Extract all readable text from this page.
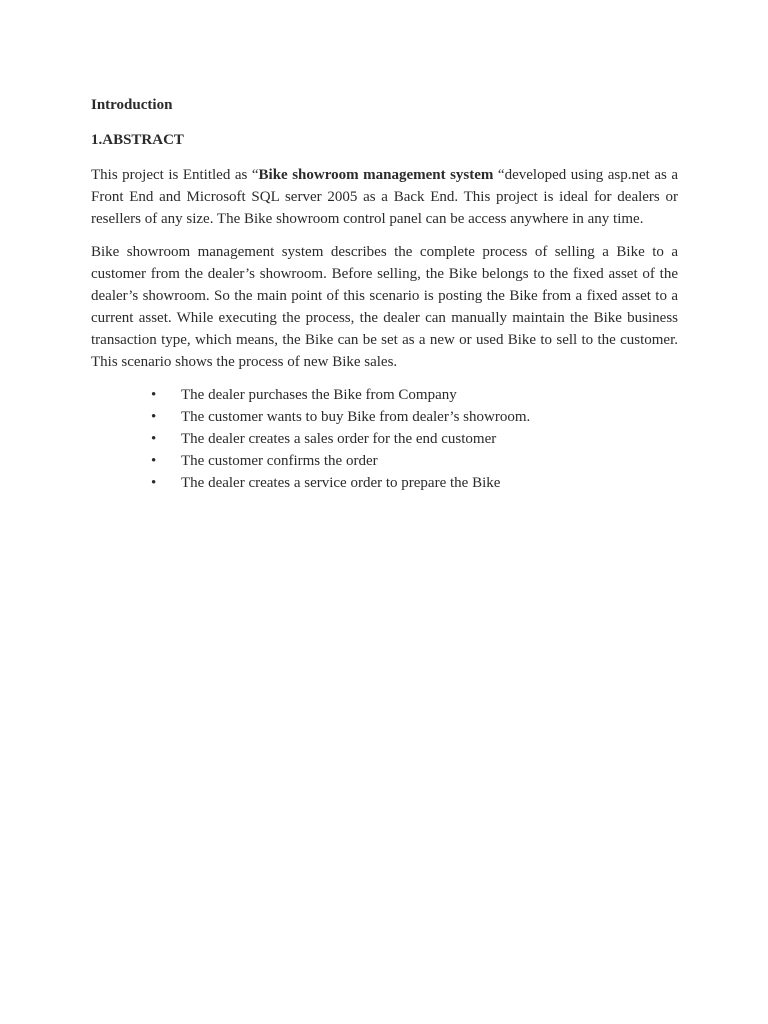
Introduction

1.ABSTRACT

This project is Entitled as “Bike showroom management system “developed using asp.net as a Front End and Microsoft SQL server 2005 as a Back End. This project is ideal for dealers or resellers of any size. The Bike showroom control panel can be access anywhere in any time.

Bike showroom management system describes the complete process of selling a Bike to a customer from the dealer’s showroom. Before selling, the Bike belongs to the fixed asset of the dealer’s showroom. So the main point of this scenario is posting the Bike from a fixed asset to a current asset. While executing the process, the dealer can manually maintain the Bike business transaction type, which means, the Bike can be set as a new or used Bike to sell to the customer. This scenario shows the process of new Bike sales.

• The dealer purchases the Bike from Company
• The customer wants to buy Bike from dealer’s showroom.
• The dealer creates a sales order for the end customer
• The customer confirms the order
• The dealer creates a service order to prepare the Bike
